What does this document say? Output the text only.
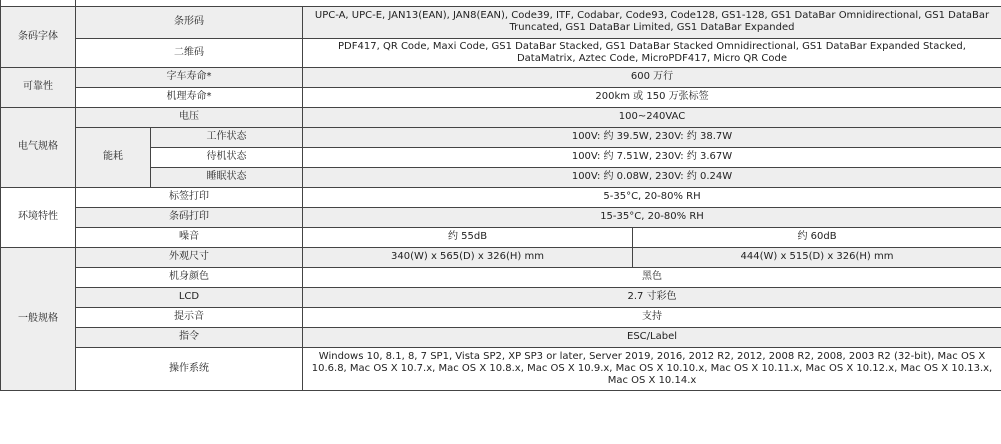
条码字体	条形码		UPC-A, UPC-E, JAN13(EAN), JAN8(EAN), Code39, ITF, Codabar, Code93, Code128, GS1-128, GS1 DataBar Omnidirectional, GS1 DataBar Truncated, GS1 DataBar Limited, GS1 DataBar Expanded	
	二维码		PDF417, QR Code, Maxi Code, GS1 DataBar Stacked, GS1 DataBar Stacked Omnidirectional, GS1 DataBar Expanded Stacked, DataMatrix, Aztec Code, MicroPDF417, Micro QR Code	
可靠性	字车寿命*		600 万行	
	机理寿命*		200km 或 150 万张标签	
电气规格	电压		100~240VAC	
	能耗	工作状态	100V: 约 39.5W, 230V: 约 38.7W	
		待机状态	100V: 约 7.51W, 230V: 约 3.67W	
		睡眠状态	100V: 约 0.08W, 230V: 约 0.24W	
环境特性	标签打印		5-35°C, 20-80% RH	
	条码打印		15-35°C, 20-80% RH	
	噪音		约 55dB	约 60dB
一般规格	外观尺寸		340(W) x 565(D) x 326(H) mm	444(W) x 515(D) x 326(H) mm
	机身颜色		黑色	
	LCD		2.7 寸彩色	
	提示音		支持	
	指令		ESC/Label	
	操作系统		Windows 10, 8.1, 8, 7 SP1, Vista SP2, XP SP3 or later, Server 2019, 2016, 2012 R2, 2012, 2008 R2, 2008, 2003 R2 (32-bit), Mac OS X 10.6.8, Mac OS X 10.7.x, Mac OS X 10.8.x, Mac OS X 10.9.x, Mac OS X 10.10.x, Mac OS X 10.11.x, Mac OS X 10.12.x, Mac OS X 10.13.x, Mac OS X 10.14.x	
